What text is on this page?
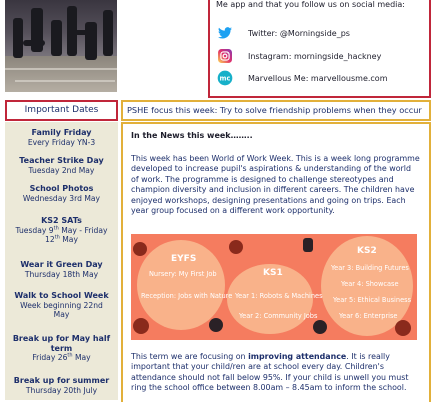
Me app and that you follow us on social media:
Twitter: @Morningside_ps
Instagram: morningside_hackney
mc Marvellous Me: marvellousme.com
Important Dates
Family Friday
Every Friday YN-3
Teacher Strike Day
Tuesday 2nd May
School Photos
Wednesday 3rd May
KS2 SATs
Tuesday 9th May - Friday
12th May
Wear it Green Day
Thursday 18th May
Walk to School Week
Week beginning 22nd
May
Break up for May half
term
Friday 26th May
Break up for summer
Thursday 20th July
PSHE focus this week: Try to solve friendship problems when they occur
In the News this week……..

This week has been World of Work Week. This is a week long programme developed to increase pupil's aspirations & understanding of the world of work. The programme is designed to challenge stereotypes and champion diversity and inclusion in different careers. The children have enjoyed workshops, designing presentations and going on trips. Each year group focused on a different work opportunity.

EYFS
Nursery: My First Job
Reception: Jobs with Nature
KS1
Year 1: Robots & Machines
Year 2: Community Jobs
KS2
Year 3: Building Futures
Year 4: Showcase
Year 5: Ethical Business
Year 6: Enterprise

This term we are focusing on improving attendance. It is really important that your child/ren are at school every day. Children's attendance should not fall below 95%. If your child is unwell you must ring the school office between 8.00am – 8.45am to inform the school.
